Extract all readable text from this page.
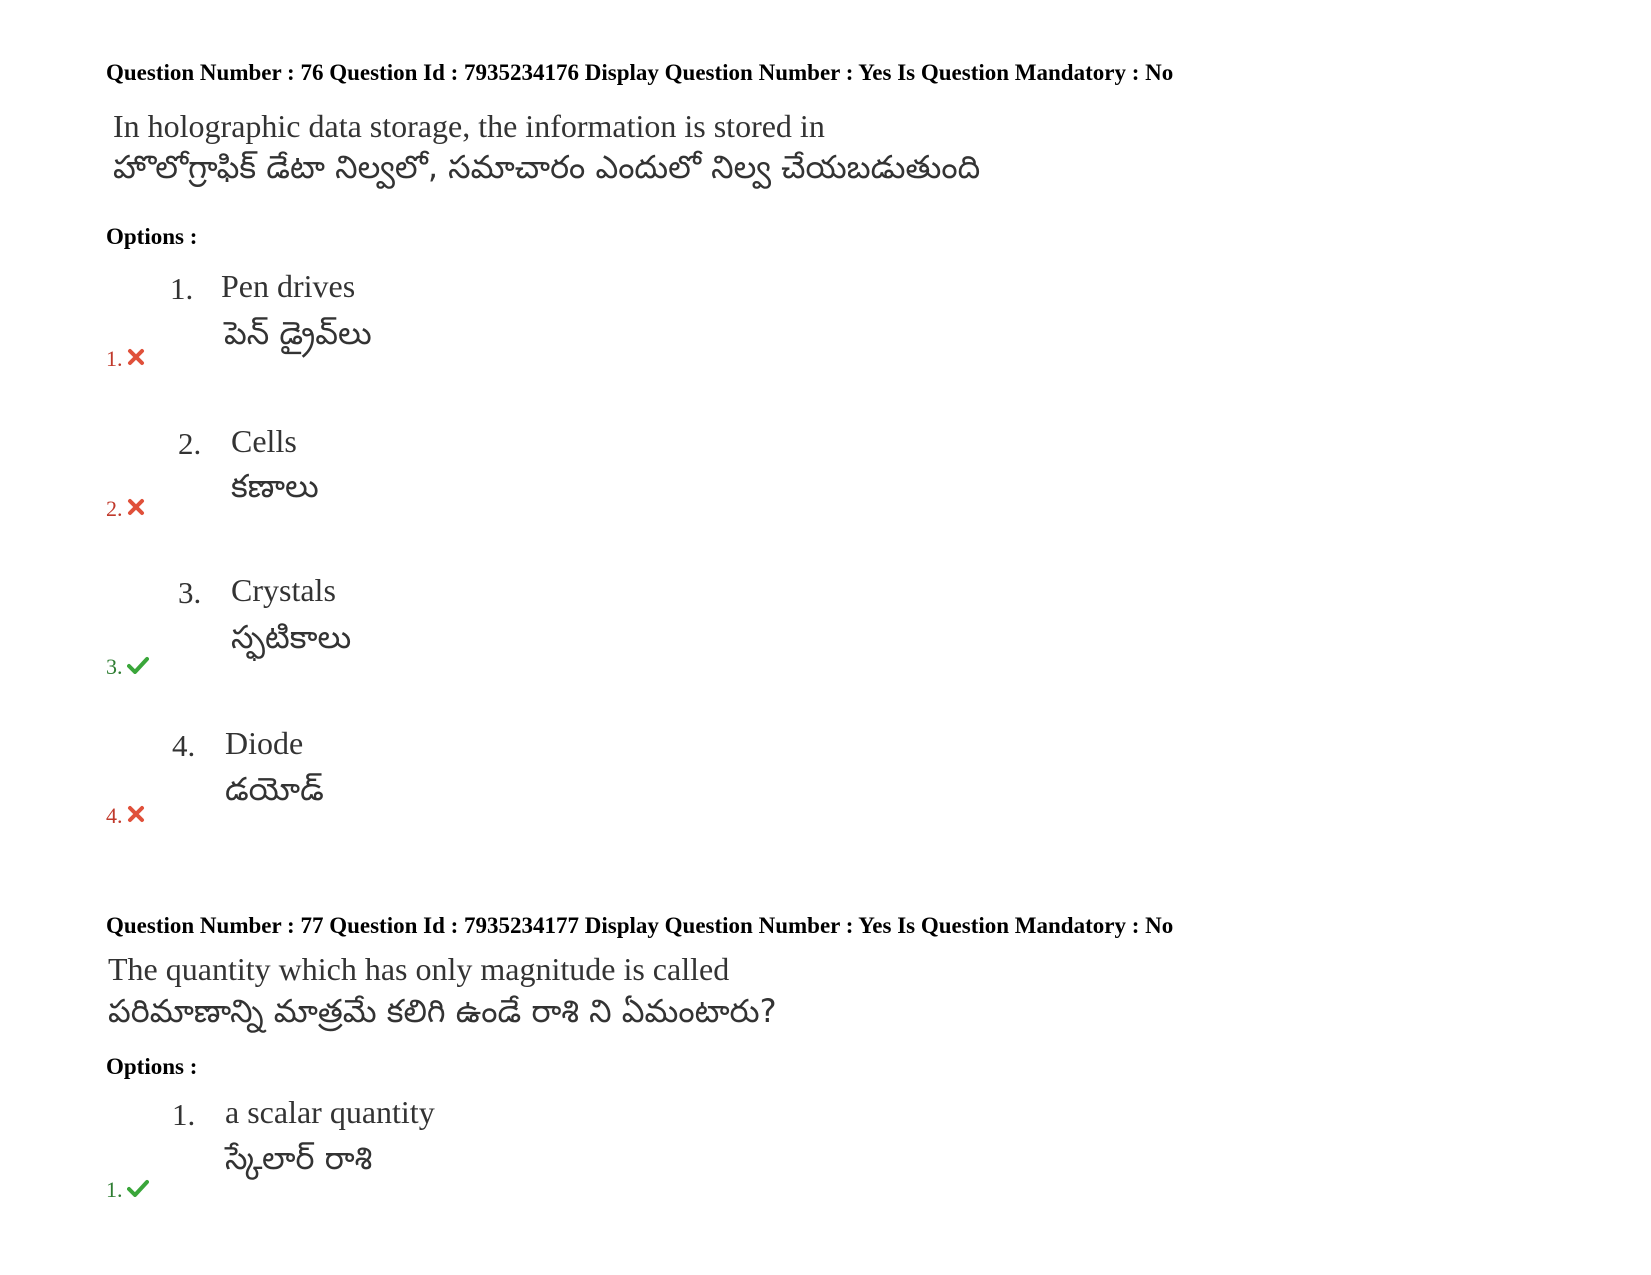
Question Number : 76 Question Id : 7935234176 Display Question Number : Yes Is Question Mandatory : No
In holographic data storage, the information is stored in
హొలోగ్రాఫిక్ డేటా నిల్వలో, సమాచారం ఎందులో నిల్వ చేయబడుతుంది
Options :
1. Pen drives
పెన్ డ్రైవ్‌లు
1.
2. Cells
కణాలు
2.
3. Crystals
స్ఫటికాలు
3.
4. Diode
డయోడ్
4.
Question Number : 77 Question Id : 7935234177 Display Question Number : Yes Is Question Mandatory : No
The quantity which has only magnitude is called
పరిమాణాన్ని మాత్రమే కలిగి ఉండే రాశి ని ఏమంటారు?
Options :
1. a scalar quantity
స్కేలార్ రాశి
1.
